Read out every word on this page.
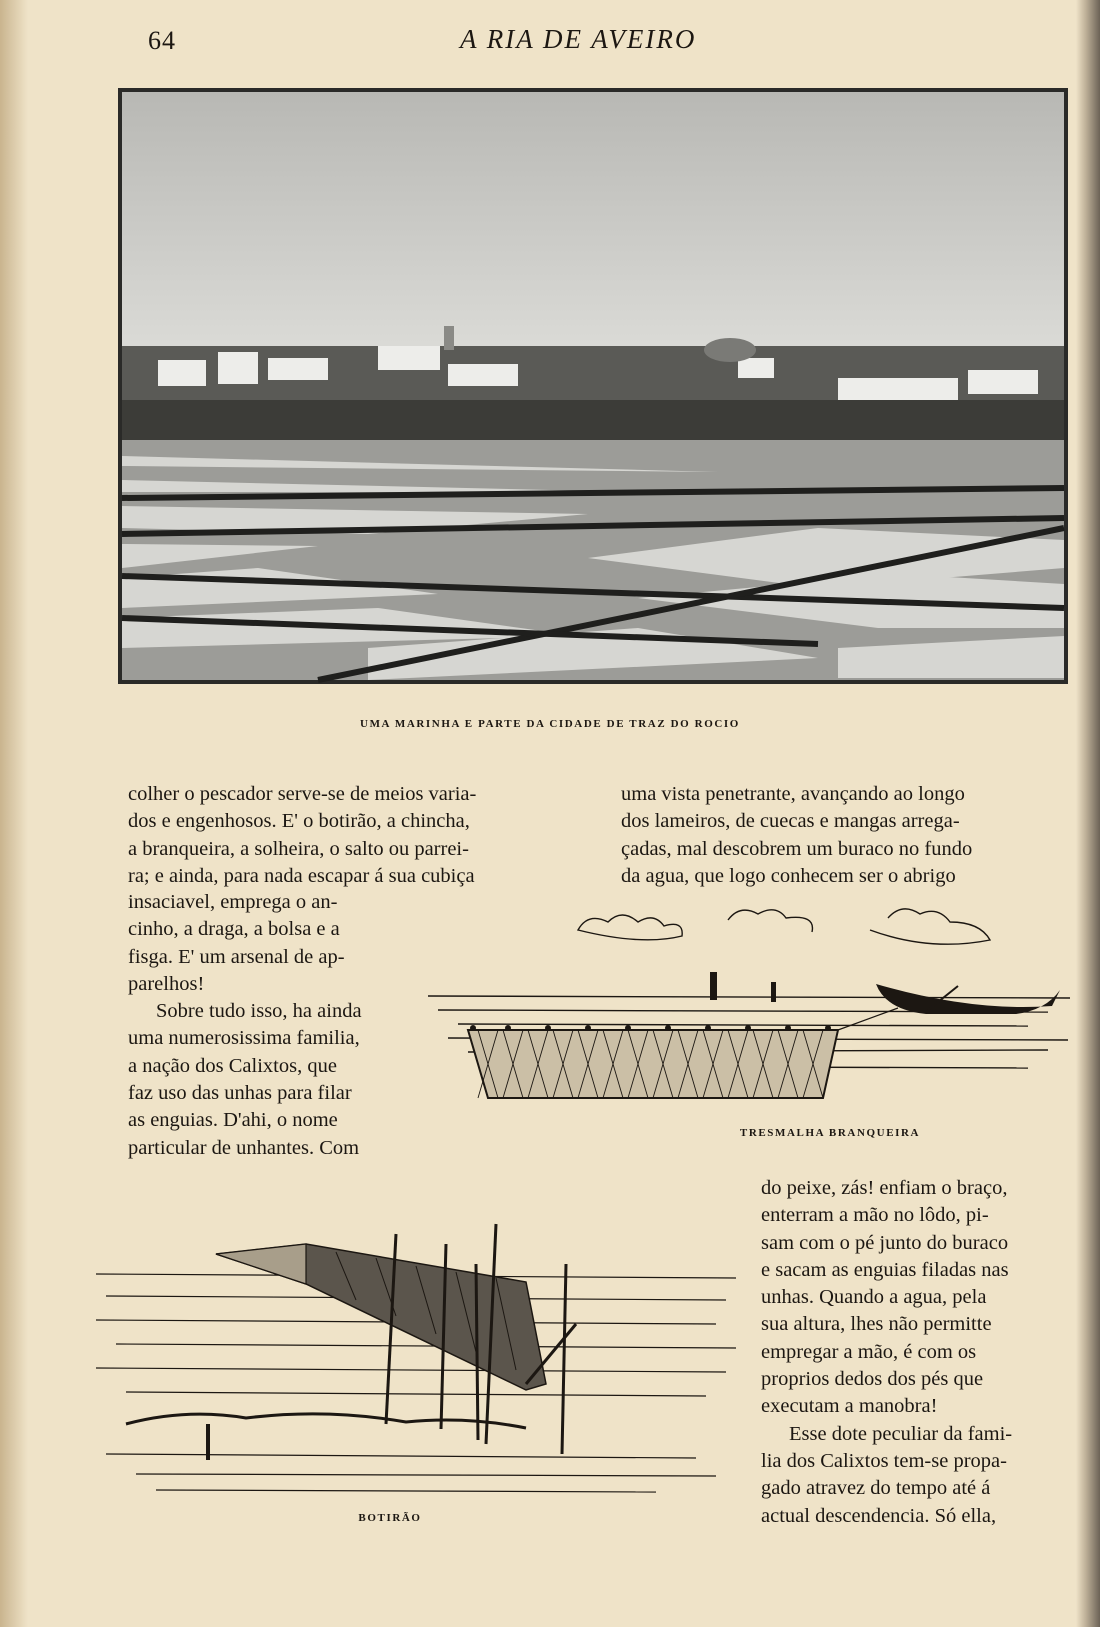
64	A RIA DE AVEIRO
UMA MARINHA E PARTE DA CIDADE DE TRAZ DO ROCIO

colher o pescador serve-se de meios varia-

dos e engenhosos. E' o botirão, a chincha,

a branqueira, a solheira, o salto ou parrei-

ra; e ainda, para nada escapar á sua cubiça

insaciavel, emprega o an-

cinho, a draga, a bolsa e a

fisga. E' um arsenal de ap-

parelhos!

Sobre tudo isso, ha ainda

uma numerosissima familia,

a nação dos Calixtos, que

faz uso das unhas para filar

as enguias. D'ahi, o nome

particular de unhantes. Com

uma vista penetrante, avançando ao longo

dos lameiros, de cuecas e mangas arrega-

çadas, mal descobrem um buraco no fundo

da agua, que logo conhecem ser o abrigo

TRESMALHA BRANQUEIRA
BOTIRÃO

do peixe, zás! enfiam o braço,

enterram a mão no lôdo, pi-

sam com o pé junto do buraco

e sacam as enguias filadas nas

unhas. Quando a agua, pela

sua altura, lhes não permitte

empregar a mão, é com os

proprios dedos dos pés que

executam a manobra!

Esse dote peculiar da fami-

lia dos Calixtos tem-se propa-

gado atravez do tempo até á

actual descendencia. Só ella,
